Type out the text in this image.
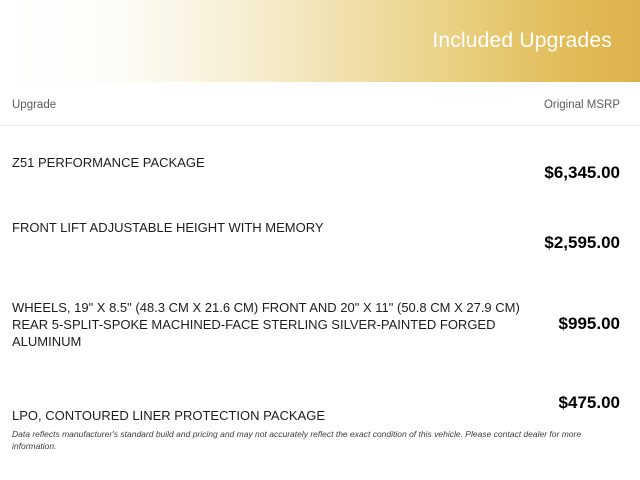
Included Upgrades
Upgrade	Original MSRP
Z51 PERFORMANCE PACKAGE
$6,345.00
FRONT LIFT ADJUSTABLE HEIGHT WITH MEMORY
$2,595.00
WHEELS, 19" X 8.5" (48.3 CM X 21.6 CM) FRONT AND 20" X 11" (50.8 CM X 27.9 CM) REAR 5-SPLIT-SPOKE MACHINED-FACE STERLING SILVER-PAINTED FORGED ALUMINUM
$995.00
LPO, CONTOURED LINER PROTECTION PACKAGE
$475.00
Data reflects manufacturer's standard build and pricing and may not accurately reflect the exact condition of this vehicle. Please contact dealer for more information.
